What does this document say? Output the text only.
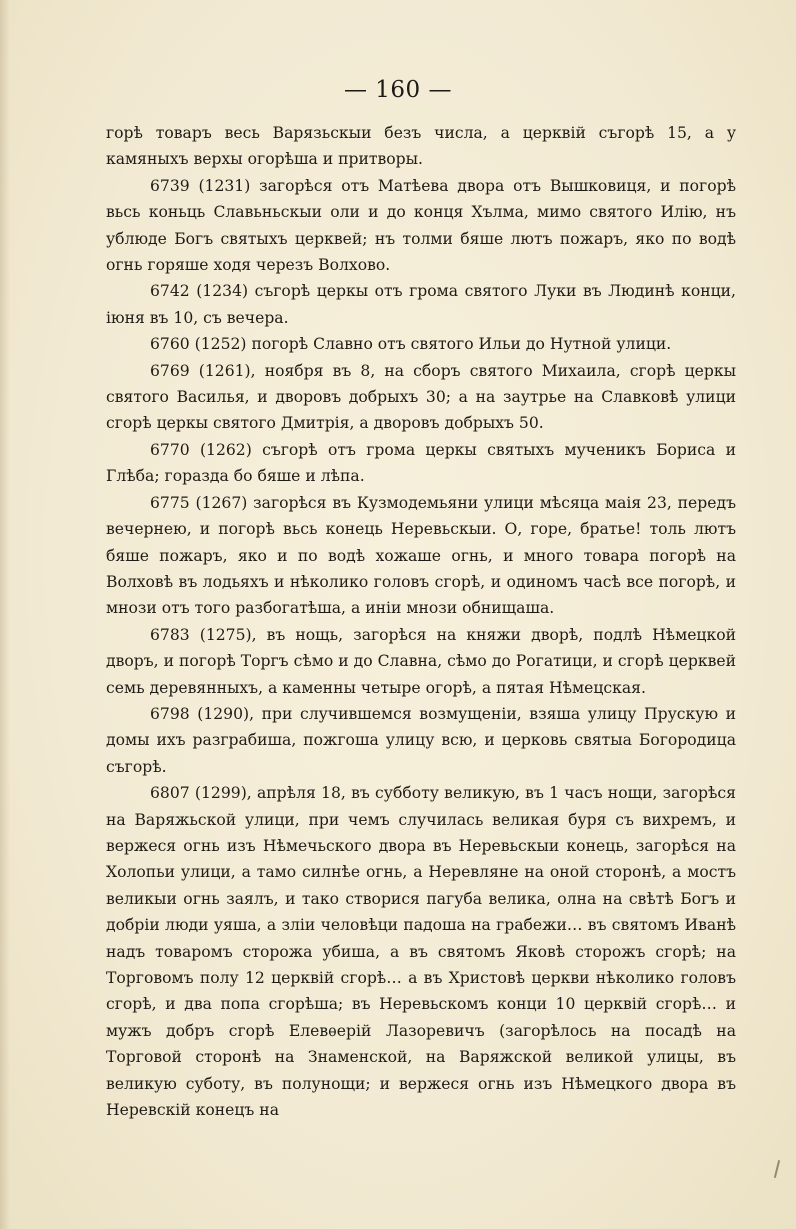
— 160 —

горѣ товаръ весь Варязьскыи безъ числа, а церквій съгорѣ 15, а у камяныхъ верхы огорѣша и притворы.

6739 (1231) загорѣся отъ Матѣева двора отъ Вышковиця, и погорѣ вьсь коньць Славьньскыи оли и до конця Хълма, мимо святого Илію, нъ ублюде Богъ святыхъ церквей; нъ толми бяше лютъ пожаръ, яко по водѣ огнь горяше ходя черезъ Волхово.

6742 (1234) съгорѣ церкы отъ грома святого Луки въ Людинѣ конци, іюня въ 10, съ вечера.

6760 (1252) погорѣ Славно отъ святого Ильи до Нутной улици.

6769 (1261), ноября въ 8, на сборъ святого Михаила, сгорѣ церкы святого Василья, и дворовъ добрыхъ 30; а на заутрье на Славковѣ улици сгорѣ церкы святого Дмитрія, а дворовъ добрыхъ 50.

6770 (1262) съгорѣ отъ грома церкы святыхъ мученикъ Бориса и Глѣба; горазда бо бяше и лѣпа.

6775 (1267) загорѣся въ Кузмодемьяни улици мѣсяца маія 23, передъ вечернею, и погорѣ вьсь конець Неревьскыи. О, горе, братье! толь лютъ бяше пожаръ, яко и по водѣ хожаше огнь, и много товара погорѣ на Волховѣ въ лодьяхъ и нѣколико головъ сгорѣ, и одиномъ часѣ все погорѣ, и мнози отъ того разбогатѣша, а иніи мнози обнищаша.

6783 (1275), въ нощь, загорѣся на княжи дворѣ, подлѣ Нѣмецкой дворъ, и погорѣ Торгъ сѣмо и до Славна, сѣмо до Рогатици, и сгорѣ церквей семь деревянныхъ, а каменны четыре огорѣ, а пятая Нѣмецская.

6798 (1290), при случившемся возмущеніи, взяша улицу Прускую и домы ихъ разграбиша, пожгоша улицу всю, и церковь святыа Богородица съгорѣ.

6807 (1299), апрѣля 18, въ субботу великую, въ 1 часъ нощи, загорѣся на Варяжьской улици, при чемъ случилась великая буря съ вихремъ, и вержеся огнь изъ Нѣмечьского двора въ Неревьскыи конець, загорѣся на Холопьи улици, а тамо силнѣе огнь, а Неревляне на оной сторонѣ, а мостъ великыи огнь заялъ, и тако створися пагуба велика, олна на свѣтѣ Богъ и добріи люди уяша, а зліи человѣци падоша на грабежи… въ святомъ Иванѣ надъ товаромъ сторожа убиша, а въ святомъ Яковѣ сторожъ сгорѣ; на Торговомъ полу 12 церквій сгорѣ… а въ Христовѣ церкви нѣколико головъ сгорѣ, и два попа сгорѣша; въ Неревьскомъ конци 10 церквій сгорѣ… и мужъ добръ сгорѣ Елевѳерій Лазоревичъ (загорѣлось на посадѣ на Торговой сторонѣ на Знаменской, на Варяжской великой улицы, въ великую суботу, въ полунощи; и вержеся огнь изъ Нѣмецкого двора въ Неревскій конецъ на
